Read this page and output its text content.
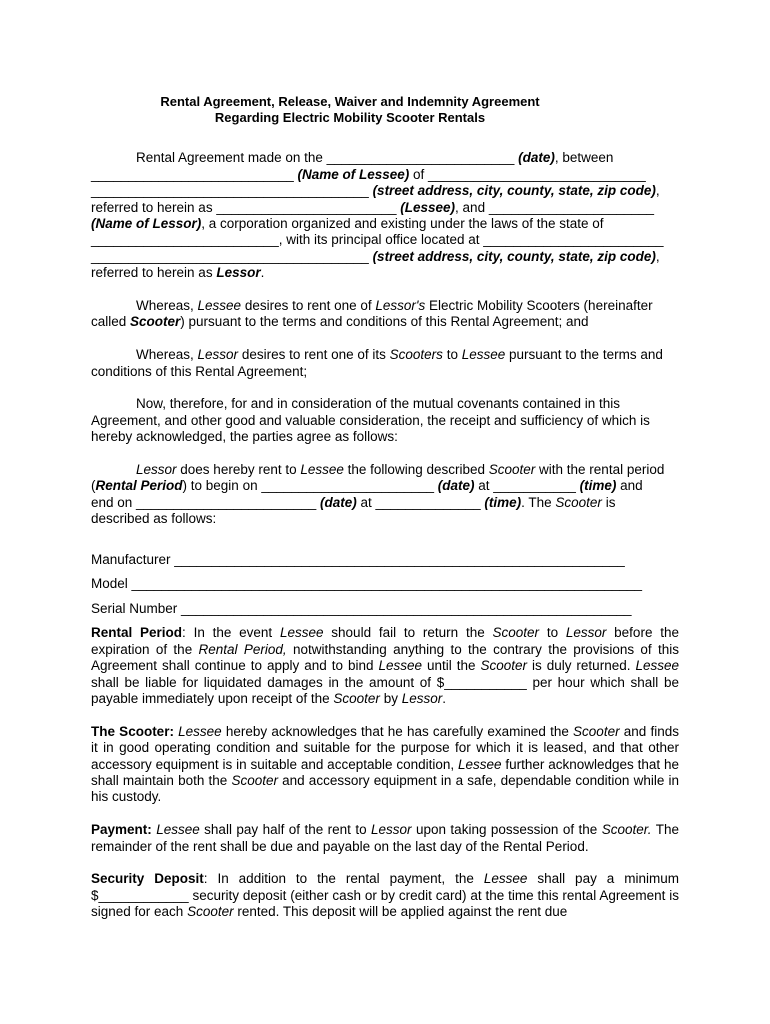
Rental Agreement, Release, Waiver and Indemnity Agreement
Regarding Electric Mobility Scooter Rentals
Rental Agreement made on the _________________________ (date), between
___________________________ (Name of Lessee) of _____________________________
_____________________________________ (street address, city, county, state, zip code),
referred to herein as ________________________ (Lessee), and ______________________
(Name of Lessor), a corporation organized and existing under the laws of the state of
_________________________, with its principal office located at ________________________
_____________________________________ (street address, city, county, state, zip code),
referred to herein as Lessor.
Whereas, Lessee desires to rent one of Lessor's Electric Mobility Scooters (hereinafter
called Scooter) pursuant to the terms and conditions of this Rental Agreement; and
Whereas, Lessor desires to rent one of its Scooters to Lessee pursuant to the terms and
conditions of this Rental Agreement;
Now, therefore, for and in consideration of the mutual covenants contained in this
Agreement, and other good and valuable consideration, the receipt and sufficiency of which is
hereby acknowledged, the parties agree as follows:
Lessor does hereby rent to Lessee the following described Scooter with the rental period
(Rental Period) to begin on _______________________ (date) at ___________ (time) and
end on ________________________ (date) at ______________ (time). The Scooter is
described as follows:
Manufacturer ____________________________________________________________
Model ____________________________________________________________________
Serial Number ____________________________________________________________

Rental Period: In the event Lessee should fail to return the Scooter to Lessor before the expiration of the Rental Period, notwithstanding anything to the contrary the provisions of this Agreement shall continue to apply and to bind Lessee until the Scooter is duly returned. Lessee shall be liable for liquidated damages in the amount of $___________ per hour which shall be payable immediately upon receipt of the Scooter by Lessor.

The Scooter: Lessee hereby acknowledges that he has carefully examined the Scooter and finds it in good operating condition and suitable for the purpose for which it is leased, and that other accessory equipment is in suitable and acceptable condition, Lessee further acknowledges that he shall maintain both the Scooter and accessory equipment in a safe, dependable condition while in his custody.

Payment: Lessee shall pay half of the rent to Lessor upon taking possession of the Scooter. The remainder of the rent shall be due and payable on the last day of the Rental Period.

Security Deposit: In addition to the rental payment, the Lessee shall pay a minimum $____________ security deposit (either cash or by credit card) at the time this rental Agreement is signed for each Scooter rented. This deposit will be applied against the rent due
